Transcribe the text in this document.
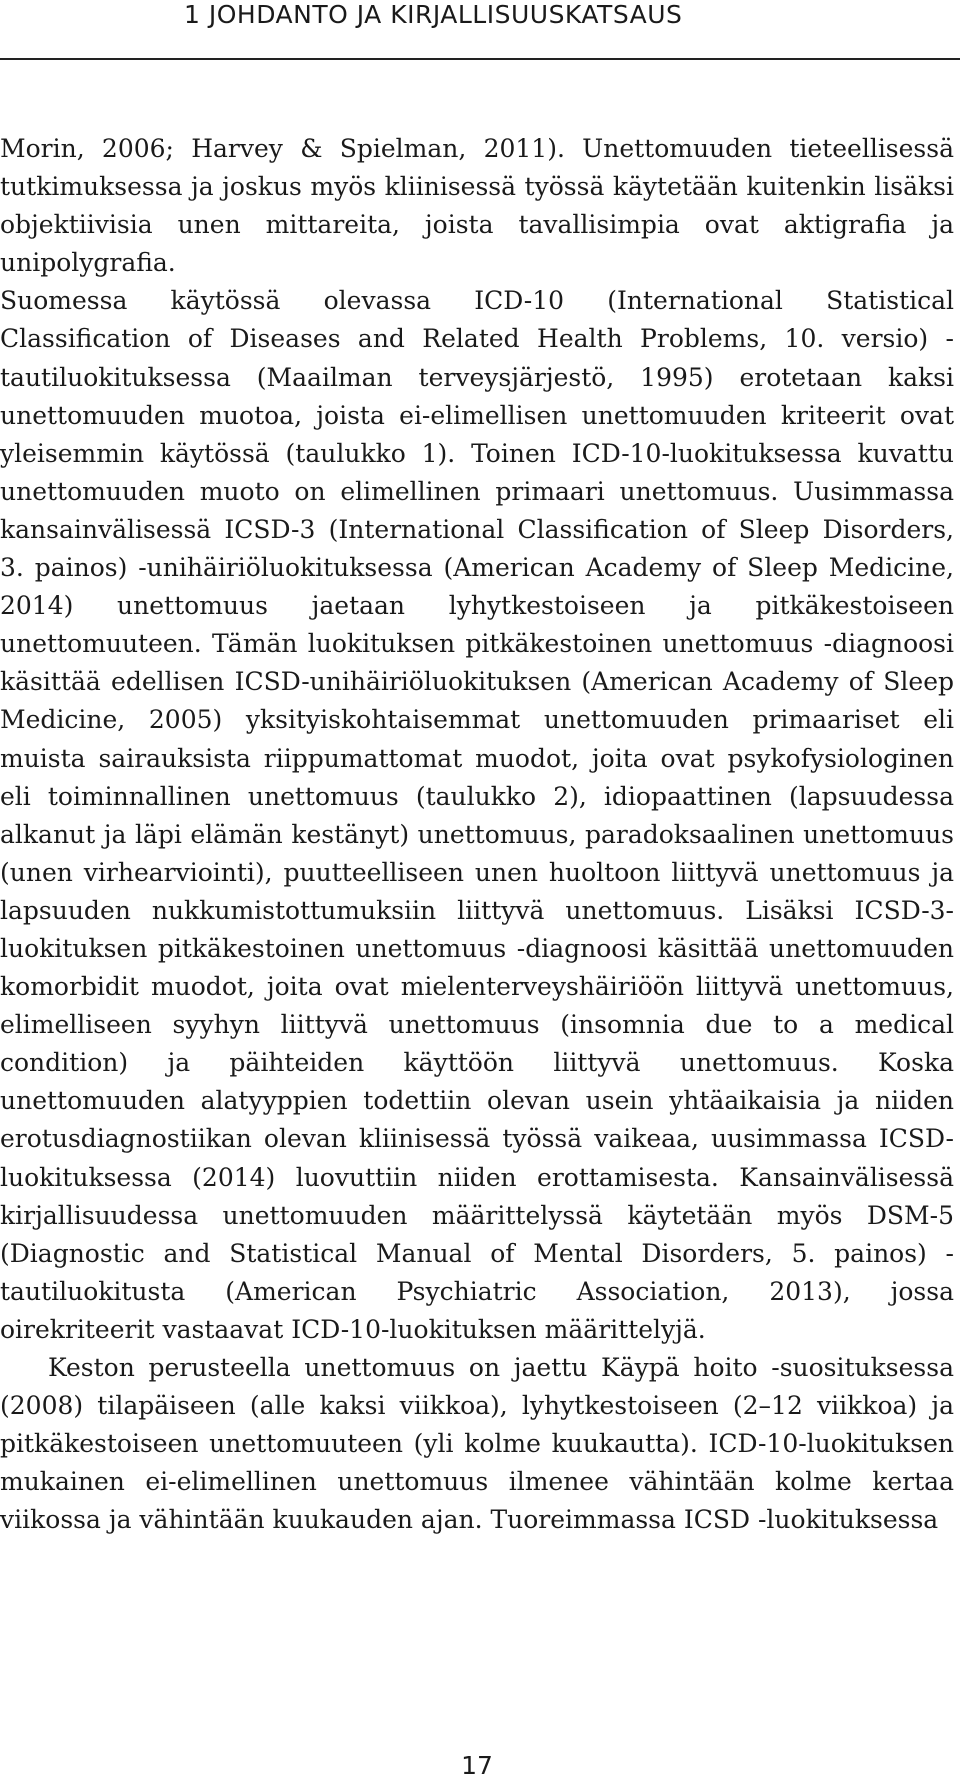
1 JOHDANTO JA KIRJALLISUUSKATSAUS

Morin, 2006; Harvey & Spielman, 2011). Unettomuuden tieteellisessä tutkimuksessa ja joskus myös kliinisessä työssä käytetään kuitenkin lisäksi objektiivisia unen mittareita, joista tavallisimpia ovat aktigrafia ja unipolygrafia.

Suomessa käytössä olevassa ICD-10 (International Statistical Classification of Diseases and Related Health Problems, 10. versio) -tautiluokituksessa (Maailman terveysjärjestö, 1995) erotetaan kaksi unettomuuden muotoa, joista ei-elimellisen unettomuuden kriteerit ovat yleisemmin käytössä (taulukko 1). Toinen ICD-10-luokituksessa kuvattu unettomuuden muoto on elimellinen primaari unettomuus. Uusimmassa kansainvälisessä ICSD-3 (International Classification of Sleep Disorders, 3. painos) -unihäiriöluokituksessa (American Academy of Sleep Medicine, 2014) unettomuus jaetaan lyhytkestoiseen ja pitkäkestoiseen unettomuuteen. Tämän luokituksen pitkäkestoinen unettomuus -diagnoosi käsittää edellisen ICSD-unihäiriöluokituksen (American Academy of Sleep Medicine, 2005) yksityiskohtaisemmat unettomuuden primaariset eli muista sairauksista riippumattomat muodot, joita ovat psykofysiologinen eli toiminnallinen unettomuus (taulukko 2), idiopaattinen (lapsuudessa alkanut ja läpi elämän kestänyt) unettomuus, paradoksaalinen unettomuus (unen virhearviointi), puutteelliseen unen huoltoon liittyvä unettomuus ja lapsuuden nukkumistottumuksiin liittyvä unettomuus. Lisäksi ICSD-3-luokituksen pitkäkestoinen unettomuus -diagnoosi käsittää unettomuuden komorbidit muodot, joita ovat mielenterveyshäiriöön liittyvä unettomuus, elimelliseen syyhyn liittyvä unettomuus (insomnia due to a medical condition) ja päihteiden käyttöön liittyvä unettomuus. Koska unettomuuden alatyyppien todettiin olevan usein yhtäaikaisia ja niiden erotusdiagnostiikan olevan kliinisessä työssä vaikeaa, uusimmassa ICSD-luokituksessa (2014) luovuttiin niiden erottamisesta. Kansainvälisessä kirjallisuudessa unettomuuden määrittelyssä käytetään myös DSM-5 (Diagnostic and Statistical Manual of Mental Disorders, 5. painos) -tautiluokitusta (American Psychiatric Association, 2013), jossa oirekriteerit vastaavat ICD-10-luokituksen määrittelyjä.

Keston perusteella unettomuus on jaettu Käypä hoito -suosituksessa (2008) tilapäiseen (alle kaksi viikkoa), lyhytkestoiseen (2–12 viikkoa) ja pitkäkestoiseen unettomuuteen (yli kolme kuukautta). ICD-10-luokituksen mukainen ei-elimellinen unettomuus ilmenee vähintään kolme kertaa viikossa ja vähintään kuukauden ajan. Tuoreimmassa ICSD -luokituksessa

17
